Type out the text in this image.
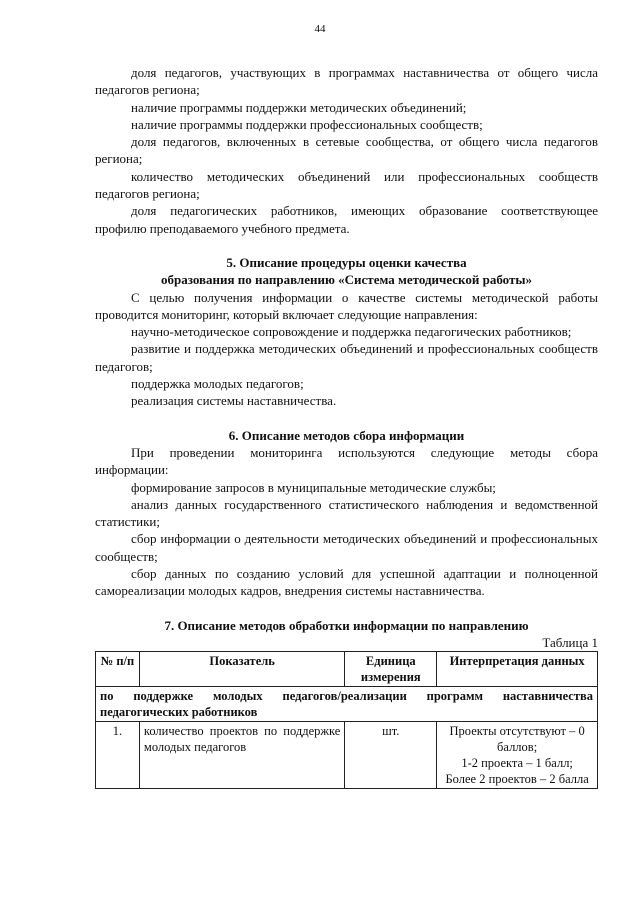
44

доля педагогов, участвующих в программах наставничества от общего числа педагогов региона;

наличие программы поддержки методических объединений;

наличие программы поддержки профессиональных сообществ;

доля педагогов, включенных в сетевые сообщества, от общего числа педагогов региона;

количество методических объединений или профессиональных сообществ педагогов региона;

доля педагогических работников, имеющих образование соответствующее профилю преподаваемого учебного предмета.

5. Описание процедуры оценки качества

образования по направлению «Система методической работы»

С целью получения информации о качестве системы методической работы проводится мониторинг, который включает следующие направления:

научно-методическое сопровождение и поддержка педагогических работников;

развитие и поддержка методических объединений и профессиональных сообществ педагогов;

поддержка молодых педагогов;

реализация системы наставничества.

6. Описание методов сбора информации

При проведении мониторинга используются следующие методы сбора информации:

формирование запросов в муниципальные методические службы;

анализ данных государственного статистического наблюдения и ведомственной статистики;

сбор информации о деятельности методических объединений и профессиональных сообществ;

сбор данных по созданию условий для успешной адаптации и полноценной самореализации молодых кадров, внедрения системы наставничества.

7. Описание методов обработки информации по направлению

Таблица 1

№ п/п	Показатель	Единица измерения	Интерпретация данных
по поддержке молодых педагогов/реализации программ наставничества педагогических работников			
1.	количество проектов по поддержке молодых педагогов	шт.	Проекты отсутствуют – 0 баллов;
1-2 проекта – 1 балл;
Более 2 проектов – 2 балла
